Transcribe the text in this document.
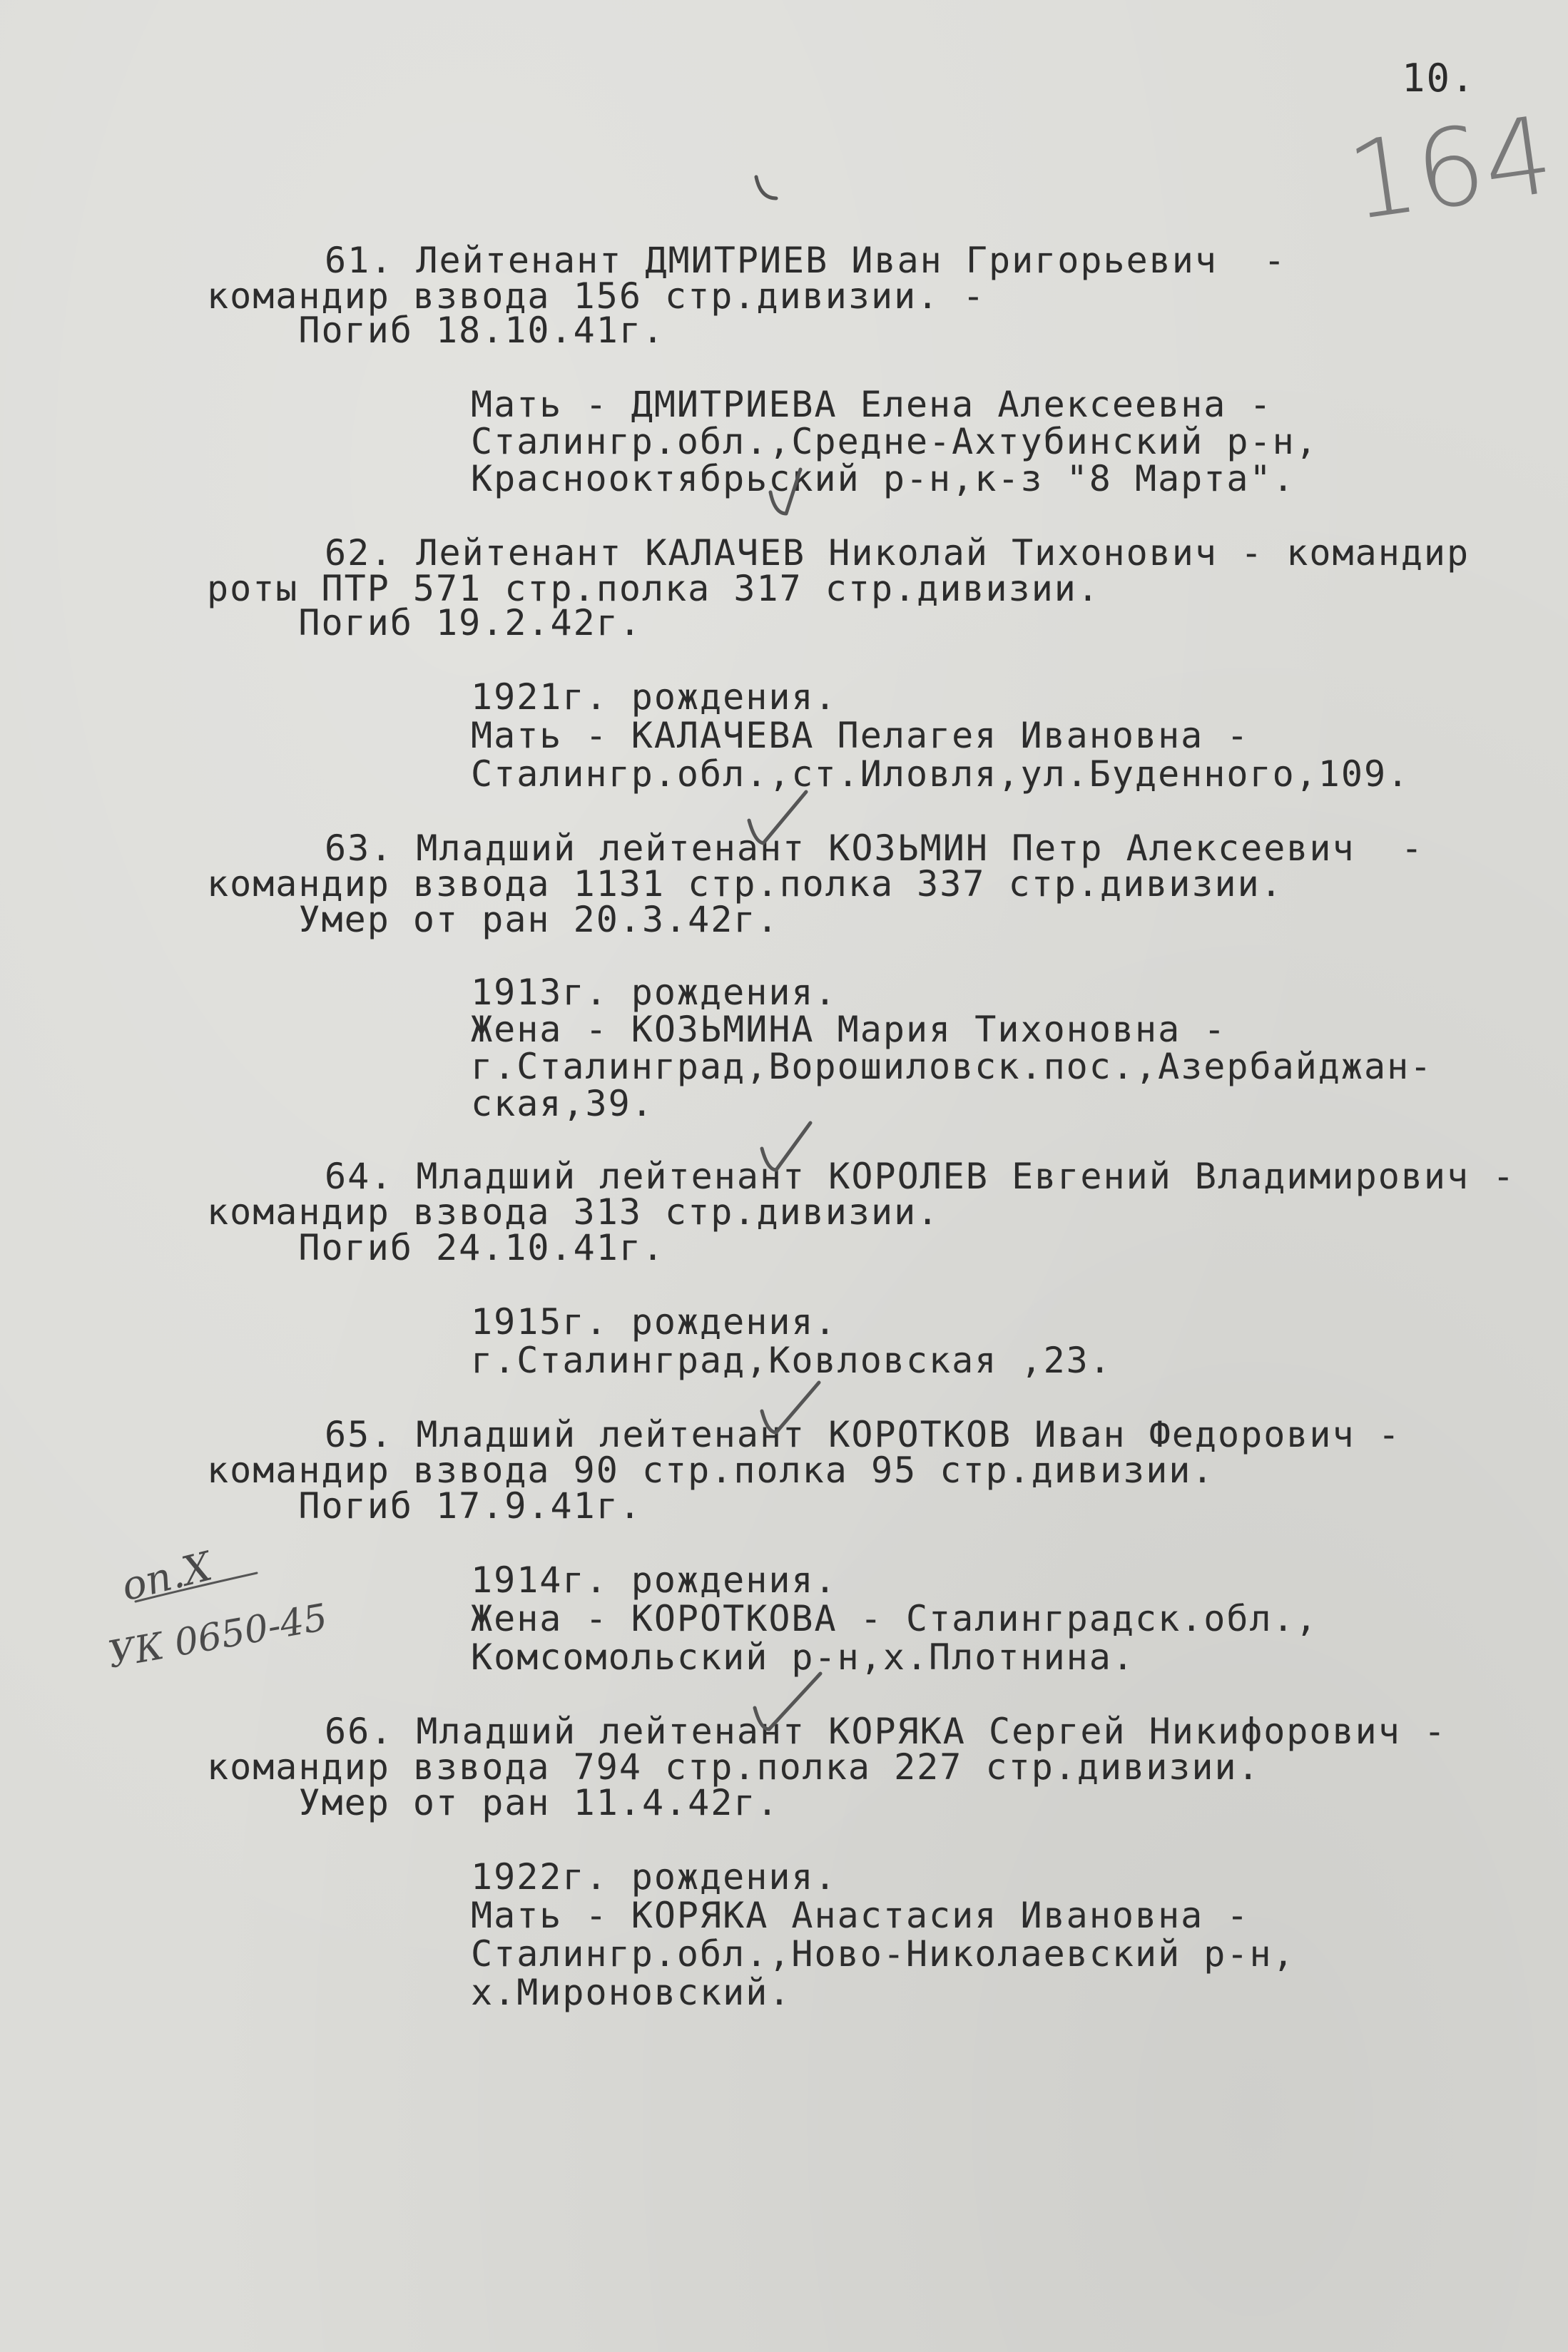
10.
164
61. Лейтенант ДМИТРИЕВ Иван Григорьевич  -
командир взвода 156 стр.дивизии. -
Погиб 18.10.41г.
Мать - ДМИТРИЕВА Елена Алексеевна -
Сталингр.обл.,Средне-Ахтубинский р-н,
Краснооктябрьский р-н,к-з "8 Марта".
62. Лейтенант КАЛАЧЕВ Николай Тихонович - командир
роты ПТР 571 стр.полка 317 стр.дивизии.
Погиб 19.2.42г.
1921г. рождения.
Мать - КАЛАЧЕВА Пелагея Ивановна -
Сталингр.обл.,ст.Иловля,ул.Буденного,109.
63. Младший лейтенант КОЗЬМИН Петр Алексеевич  -
командир взвода 1131 стр.полка 337 стр.дивизии.
Умер от ран 20.3.42г.
1913г. рождения.
Жена - КОЗЬМИНА Мария Тихоновна -
г.Сталинград,Ворошиловск.пос.,Азербайджан-
ская,39.
64. Младший лейтенант КОРОЛЕВ Евгений Владимирович -
командир взвода 313 стр.дивизии.
Погиб 24.10.41г.
1915г. рождения.
г.Сталинград,Ковловская ,23.
65. Младший лейтенант КОРОТКОВ Иван Федорович -
командир взвода 90 стр.полка 95 стр.дивизии.
Погиб 17.9.41г.
1914г. рождения.
Жена - КОРОТКОВА - Сталинградск.обл.,
Комсомольский р-н,х.Плотнина.
66. Младший лейтенант КОРЯКА Сергей Никифорович -
командир взвода 794 стр.полка 227 стр.дивизии.
Умер от ран 11.4.42г.
1922г. рождения.
Мать - КОРЯКА Анастасия Ивановна -
Сталингр.обл.,Ново-Николаевский р-н,
х.Мироновский.
оп.Х
УК 0650-45
